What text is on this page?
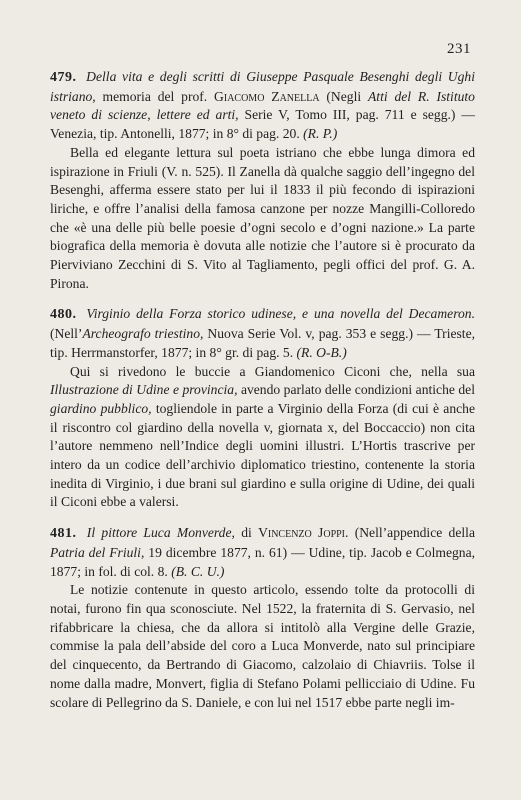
231

479. Della vita e degli scritti di Giuseppe Pasquale Besenghi degli Ughi istriano, memoria del prof. Giacomo Zanella (Negli Atti del R. Istituto veneto di scienze, lettere ed arti, Serie V, Tomo III, pag. 711 e segg.) — Venezia, tip. Antonelli, 1877; in 8° di pag. 20. (R. P.)

Bella ed elegante lettura sul poeta istriano che ebbe lunga dimora ed ispirazione in Friuli (V. n. 525). Il Zanella dà qualche saggio dell’ingegno del Besenghi, afferma essere stato per lui il 1833 il più fecondo di ispirazioni liriche, e offre l’analisi della famosa canzone per nozze Mangilli-Colloredo che «è una delle più belle poesie d’ogni secolo e d’ogni nazione.» La parte biografica della memoria è dovuta alle notizie che l’autore si è procurato da Pierviviano Zecchini di S. Vito al Tagliamento, pegli offici del prof. G. A. Pirona.

480. Virginio della Forza storico udinese, e una novella del Decameron. (Nell’Archeografo triestino, Nuova Serie Vol. v, pag. 353 e segg.) — Trieste, tip. Herrmanstorfer, 1877; in 8° gr. di pag. 5. (R. O-B.)

Qui si rivedono le buccie a Giandomenico Ciconi che, nella sua Illustrazione di Udine e provincia, avendo parlato delle condizioni antiche del giardino pubblico, togliendole in parte a Virginio della Forza (di cui è anche il riscontro col giardino della novella v, giornata x, del Boccaccio) non cita l’autore nemmeno nell’Indice degli uomini illustri. L’Hortis trascrive per intero da un codice dell’archivio diplomatico triestino, contenente la storia inedita di Virginio, i due brani sul giardino e sulla origine di Udine, dei quali il Ciconi ebbe a valersi.

481. Il pittore Luca Monverde, di Vincenzo Joppi. (Nell’appendice della Patria del Friuli, 19 dicembre 1877, n. 61) — Udine, tip. Jacob e Colmegna, 1877; in fol. di col. 8. (B. C. U.)

Le notizie contenute in questo articolo, essendo tolte da protocolli di notai, furono fin qua sconosciute. Nel 1522, la fraternita di S. Gervasio, nel rifabbricare la chiesa, che da allora si intitolò alla Vergine delle Grazie, commise la pala dell’abside del coro a Luca Monverde, nato sul principiare del cinquecento, da Bertrando di Giacomo, calzolaio di Chiavriis. Tolse il nome dalla madre, Monvert, figlia di Stefano Polami pellicciaio di Udine. Fu scolare di Pellegrino da S. Daniele, e con lui nel 1517 ebbe parte negli im-
